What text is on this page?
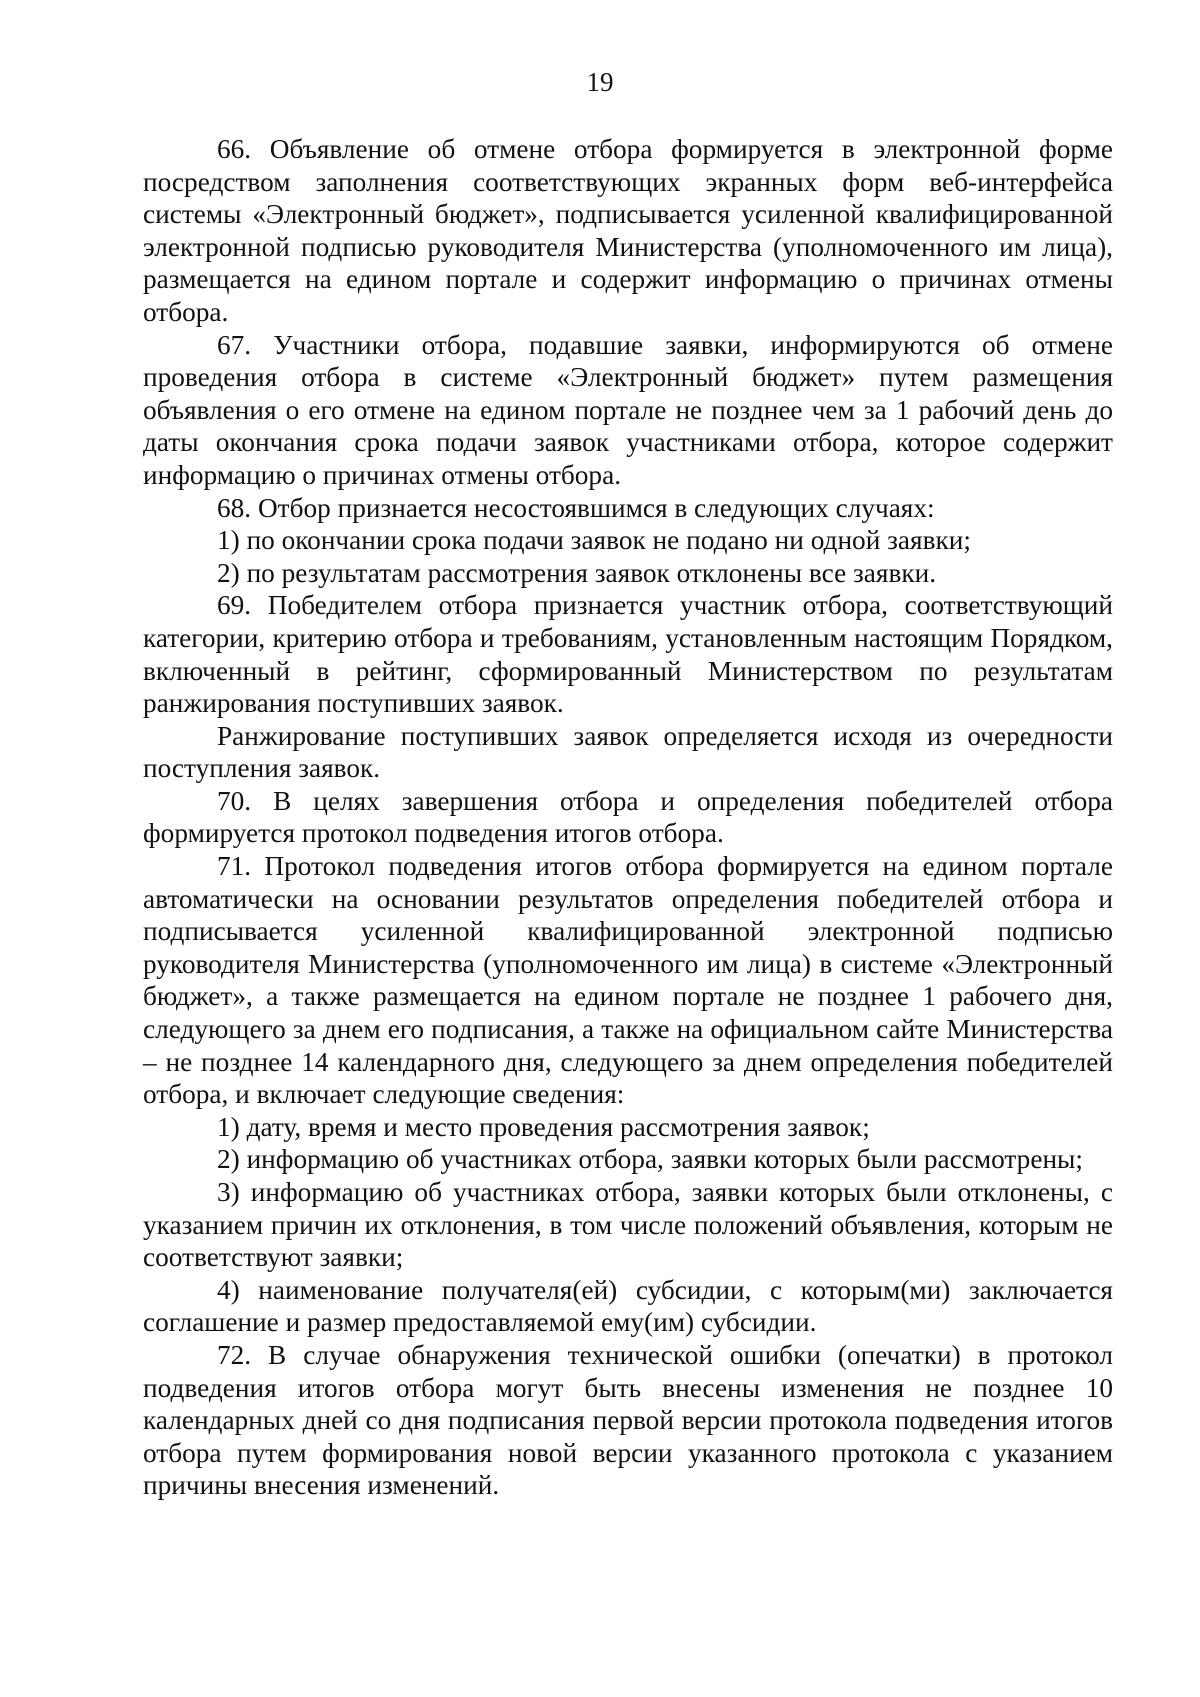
19

66. Объявление об отмене отбора формируется в электронной форме посредством заполнения соответствующих экранных форм веб-интерфейса системы «Электронный бюджет», подписывается усиленной квалифицированной электронной подписью руководителя Министерства (уполномоченного им лица), размещается на едином портале и содержит информацию о причинах отмены отбора.

67. Участники отбора, подавшие заявки, информируются об отмене проведения отбора в системе «Электронный бюджет» путем размещения объявления о его отмене на едином портале не позднее чем за 1 рабочий день до даты окончания срока подачи заявок участниками отбора, которое содержит информацию о причинах отмены отбора.

68. Отбор признается несостоявшимся в следующих случаях:

1) по окончании срока подачи заявок не подано ни одной заявки;

2) по результатам рассмотрения заявок отклонены все заявки.

69. Победителем отбора признается участник отбора, соответствующий категории, критерию отбора и требованиям, установленным настоящим Порядком, включенный в рейтинг, сформированный Министерством по результатам ранжирования поступивших заявок.

Ранжирование поступивших заявок определяется исходя из очередности поступления заявок.

70. В целях завершения отбора и определения победителей отбора формируется протокол подведения итогов отбора.

71. Протокол подведения итогов отбора формируется на едином портале автоматически на основании результатов определения победителей отбора и подписывается усиленной квалифицированной электронной подписью руководителя Министерства (уполномоченного им лица) в системе «Электронный бюджет», а также размещается на едином портале не позднее 1 рабочего дня, следующего за днем его подписания, а также на официальном сайте Министерства – не позднее 14 календарного дня, следующего за днем определения победителей отбора, и включает следующие сведения:

1) дату, время и место проведения рассмотрения заявок;

2) информацию об участниках отбора, заявки которых были рассмотрены;

3) информацию об участниках отбора, заявки которых были отклонены, с указанием причин их отклонения, в том числе положений объявления, которым не соответствуют заявки;

4) наименование получателя(ей) субсидии, с которым(ми) заключается соглашение и размер предоставляемой ему(им) субсидии.

72. В случае обнаружения технической ошибки (опечатки) в протокол подведения итогов отбора могут быть внесены изменения не позднее 10 календарных дней со дня подписания первой версии протокола подведения итогов отбора путем формирования новой версии указанного протокола с указанием причины внесения изменений.
